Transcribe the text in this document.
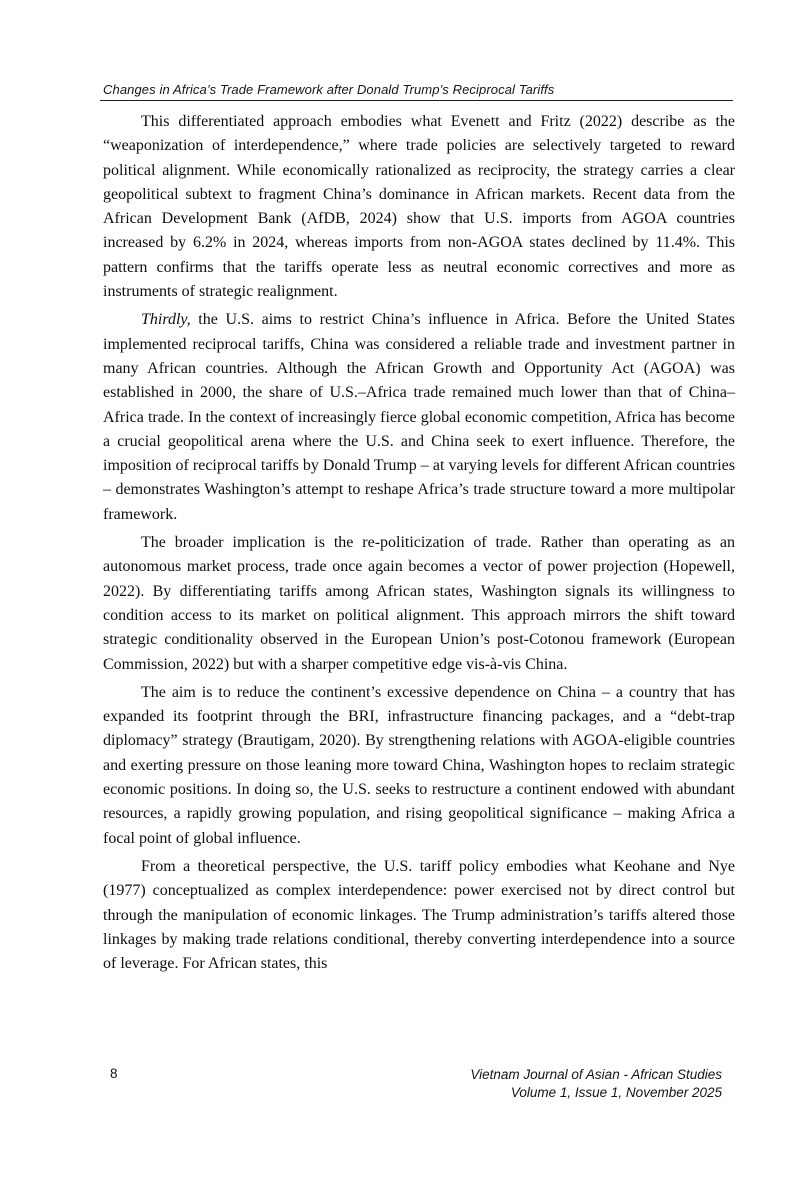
Changes in Africa’s Trade Framework after Donald Trump’s Reciprocal Tariffs

This differentiated approach embodies what Evenett and Fritz (2022) describe as the “weaponization of interdependence,” where trade policies are selectively targeted to reward political alignment. While economically rationalized as reciprocity, the strategy carries a clear geopolitical subtext to fragment China’s dominance in African markets. Recent data from the African Development Bank (AfDB, 2024) show that U.S. imports from AGOA countries increased by 6.2% in 2024, whereas imports from non-AGOA states declined by 11.4%. This pattern confirms that the tariffs operate less as neutral economic correctives and more as instruments of strategic realignment.

Thirdly, the U.S. aims to restrict China’s influence in Africa. Before the United States implemented reciprocal tariffs, China was considered a reliable trade and investment partner in many African countries. Although the African Growth and Opportunity Act (AGOA) was established in 2000, the share of U.S.–Africa trade remained much lower than that of China–Africa trade. In the context of increasingly fierce global economic competition, Africa has become a crucial geopolitical arena where the U.S. and China seek to exert influence. Therefore, the imposition of reciprocal tariffs by Donald Trump – at varying levels for different African countries – demonstrates Washington’s attempt to reshape Africa’s trade structure toward a more multipolar framework.

The broader implication is the re-politicization of trade. Rather than operating as an autonomous market process, trade once again becomes a vector of power projection (Hopewell, 2022). By differentiating tariffs among African states, Washington signals its willingness to condition access to its market on political alignment. This approach mirrors the shift toward strategic conditionality observed in the European Union’s post-Cotonou framework (European Commission, 2022) but with a sharper competitive edge vis-à-vis China.

The aim is to reduce the continent’s excessive dependence on China – a country that has expanded its footprint through the BRI, infrastructure financing packages, and a “debt-trap diplomacy” strategy (Brautigam, 2020). By strengthening relations with AGOA-eligible countries and exerting pressure on those leaning more toward China, Washington hopes to reclaim strategic economic positions. In doing so, the U.S. seeks to restructure a continent endowed with abundant resources, a rapidly growing population, and rising geopolitical significance – making Africa a focal point of global influence.

From a theoretical perspective, the U.S. tariff policy embodies what Keohane and Nye (1977) conceptualized as complex interdependence: power exercised not by direct control but through the manipulation of economic linkages. The Trump administration’s tariffs altered those linkages by making trade relations conditional, thereby converting interdependence into a source of leverage. For African states, this

8	Vietnam Journal of Asian - African Studies
Volume 1, Issue 1, November 2025
